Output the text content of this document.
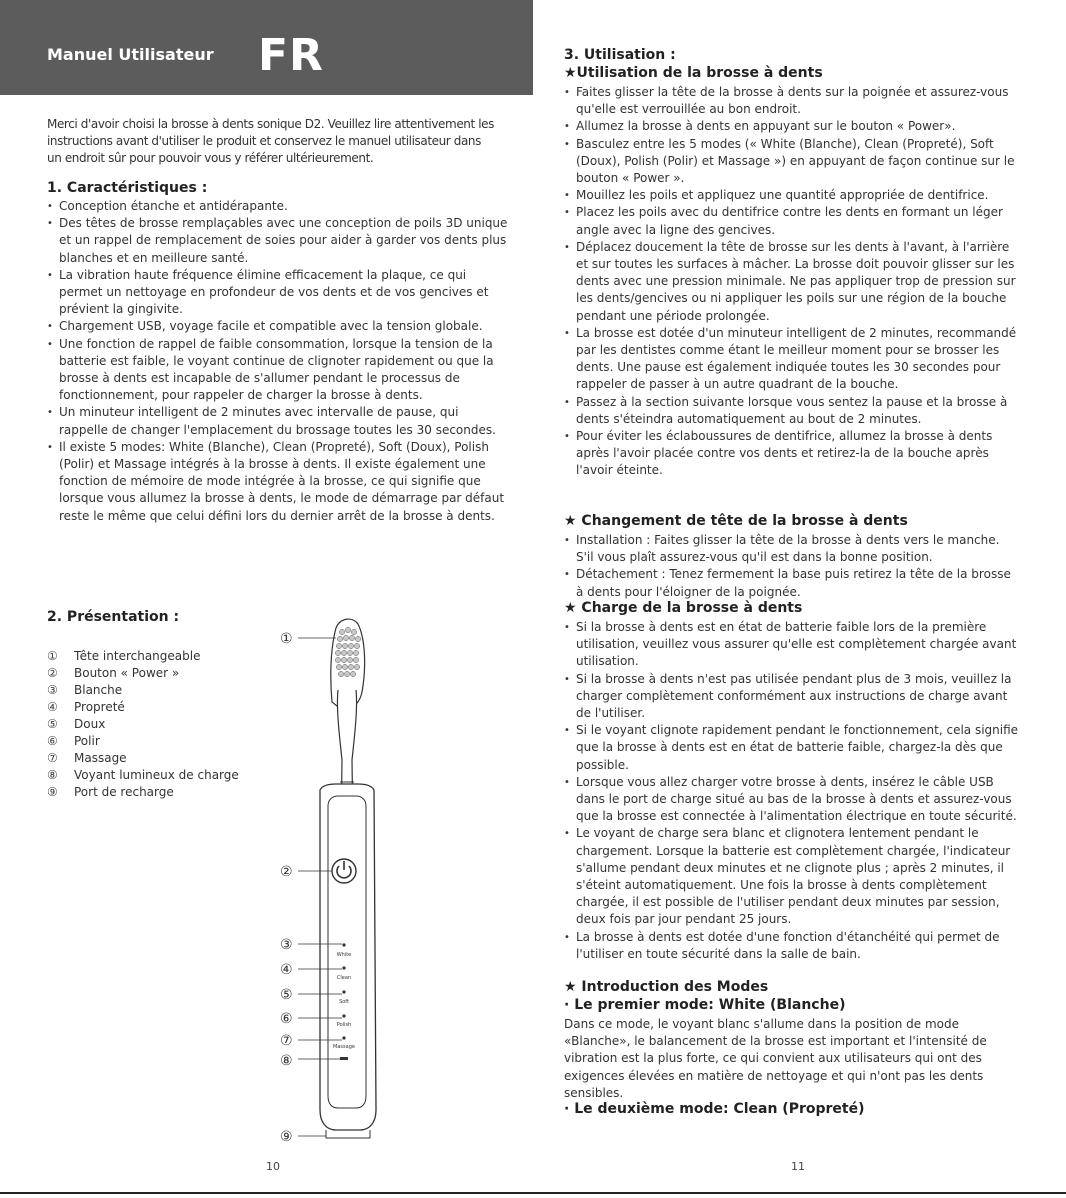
Manuel Utilisateur FR

Merci d'avoir choisi la brosse à dents sonique D2. Veuillez lire attentivement les instructions avant d'utiliser le produit et conservez le manuel utilisateur dans un endroit sûr pour pouvoir vous y référer ultérieurement.

1. Caractéristiques :
• Conception étanche et antidérapante.
• Des têtes de brosse remplaçables avec une conception de poils 3D unique et un rappel de remplacement de soies pour aider à garder vos dents plus blanches et en meilleure santé.
• La vibration haute fréquence élimine efficacement la plaque, ce qui permet un nettoyage en profondeur de vos dents et de vos gencives et prévient la gingivite.
• Chargement USB, voyage facile et compatible avec la tension globale.
• Une fonction de rappel de faible consommation, lorsque la tension de la batterie est faible, le voyant continue de clignoter rapidement ou que la brosse à dents est incapable de s'allumer pendant le processus de fonctionnement, pour rappeler de charger la brosse à dents.
• Un minuteur intelligent de 2 minutes avec intervalle de pause, qui rappelle de changer l'emplacement du brossage toutes les 30 secondes.
• Il existe 5 modes: White (Blanche), Clean (Propreté), Soft (Doux), Polish (Polir) et Massage intégrés à la brosse à dents. Il existe également une fonction de mémoire de mode intégrée à la brosse, ce qui signifie que lorsque vous allumez la brosse à dents, le mode de démarrage par défaut reste le même que celui défini lors du dernier arrêt de la brosse à dents.
2. Présentation :
①	Tête interchangeable
②	Bouton « Power »
③	Blanche
④	Propreté
⑤	Doux
⑥	Polir
⑦	Massage
⑧	Voyant lumineux de charge
⑨	Port de recharge
White
Clean
Soft
Polish
Massage
①
②
③
④
⑤
⑥
⑦
⑧
⑨
10
3. Utilisation :
★Utilisation de la brosse à dents
• Faites glisser la tête de la brosse à dents sur la poignée et assurez-vous qu'elle est verrouillée au bon endroit.
• Allumez la brosse à dents en appuyant sur le bouton « Power».
• Basculez entre les 5 modes (« White (Blanche), Clean (Propreté), Soft (Doux), Polish (Polir) et Massage ») en appuyant de façon continue sur le bouton « Power ».
• Mouillez les poils et appliquez une quantité appropriée de dentifrice.
• Placez les poils avec du dentifrice contre les dents en formant un léger angle avec la ligne des gencives.
• Déplacez doucement la tête de brosse sur les dents à l'avant, à l'arrière et sur toutes les surfaces à mâcher. La brosse doit pouvoir glisser sur les dents avec une pression minimale. Ne pas appliquer trop de pression sur les dents/gencives ou ni appliquer les poils sur une région de la bouche pendant une période prolongée.
• La brosse est dotée d'un minuteur intelligent de 2 minutes, recommandé par les dentistes comme étant le meilleur moment pour se brosser les dents. Une pause est également indiquée toutes les 30 secondes pour rappeler de passer à un autre quadrant de la bouche.
• Passez à la section suivante lorsque vous sentez la pause et la brosse à dents s'éteindra automatiquement au bout de 2 minutes.
• Pour éviter les éclaboussures de dentifrice, allumez la brosse à dents après l'avoir placée contre vos dents et retirez-la de la bouche après l'avoir éteinte.
★ Changement de tête de la brosse à dents
• Installation : Faites glisser la tête de la brosse à dents vers le manche. S'il vous plaît assurez-vous qu'il est dans la bonne position.
• Détachement : Tenez fermement la base puis retirez la tête de la brosse à dents pour l'éloigner de la poignée.
★ Charge de la brosse à dents
• Si la brosse à dents est en état de batterie faible lors de la première utilisation, veuillez vous assurer qu'elle est complètement chargée avant utilisation.
• Si la brosse à dents n'est pas utilisée pendant plus de 3 mois, veuillez la charger complètement conformément aux instructions de charge avant de l'utiliser.
• Si le voyant clignote rapidement pendant le fonctionnement, cela signifie que la brosse à dents est en état de batterie faible, chargez-la dès que possible.
• Lorsque vous allez charger votre brosse à dents, insérez le câble USB dans le port de charge situé au bas de la brosse à dents et assurez-vous que la brosse est connectée à l'alimentation électrique en toute sécurité.
• Le voyant de charge sera blanc et clignotera lentement pendant le chargement. Lorsque la batterie est complètement chargée, l'indicateur s'allume pendant deux minutes et ne clignote plus ; après 2 minutes, il s'éteint automatiquement. Une fois la brosse à dents complètement chargée, il est possible de l'utiliser pendant deux minutes par session, deux fois par jour pendant 25 jours.
• La brosse à dents est dotée d'une fonction d'étanchéité qui permet de l'utiliser en toute sécurité dans la salle de bain.
★ Introduction des Modes
· Le premier mode: White (Blanche)

Dans ce mode, le voyant blanc s'allume dans la position de mode «Blanche», le balancement de la brosse est important et l'intensité de vibration est la plus forte, ce qui convient aux utilisateurs qui ont des exigences élevées en matière de nettoyage et qui n'ont pas les dents sensibles.

· Le deuxième mode: Clean (Propreté)
11
